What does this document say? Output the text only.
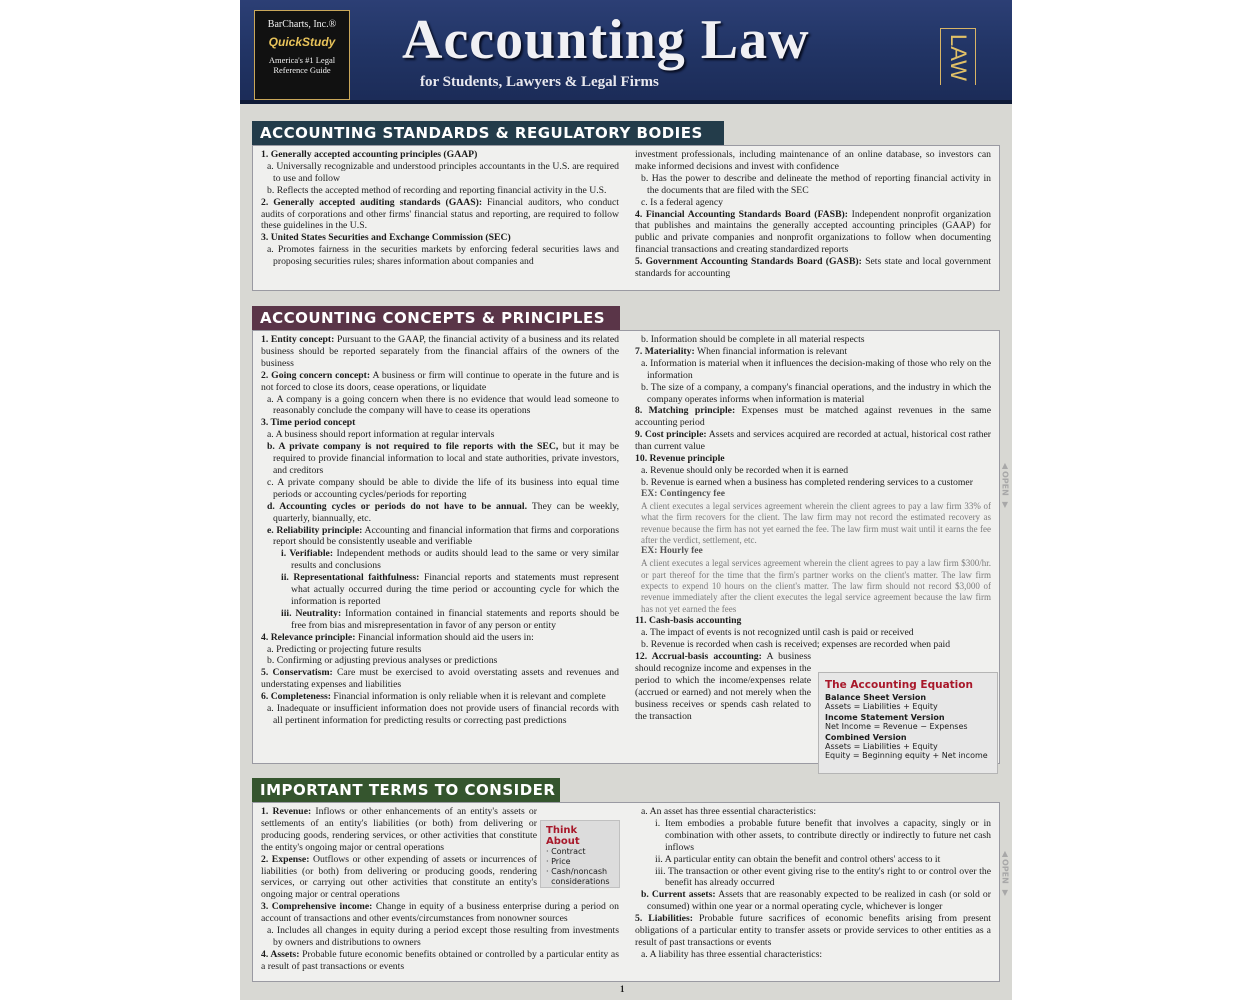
BarCharts, Inc.®
QuickStudy
America's #1 Legal Reference Guide	Accounting Law
for Students, Lawyers & Legal Firms
LAW
ACCOUNTING STANDARDS & REGULATORY BODIES

1. Generally accepted accounting principles (GAAP)

a. Universally recognizable and understood principles accountants in the U.S. are required to use and follow

b. Reflects the accepted method of recording and reporting financial activity in the U.S.

2. Generally accepted auditing standards (GAAS): Financial auditors, who conduct audits of corporations and other firms' financial status and reporting, are required to follow these guidelines in the U.S.

3. United States Securities and Exchange Commission (SEC)

a. Promotes fairness in the securities markets by enforcing federal securities laws and proposing securities rules; shares information about companies and

investment professionals, including maintenance of an online database, so investors can make informed decisions and invest with confidence

b. Has the power to describe and delineate the method of reporting financial activity in the documents that are filed with the SEC

c. Is a federal agency

4. Financial Accounting Standards Board (FASB): Independent nonprofit organization that publishes and maintains the generally accepted accounting principles (GAAP) for public and private companies and nonprofit organizations to follow when documenting financial transactions and creating standardized reports

5. Government Accounting Standards Board (GASB): Sets state and local government standards for accounting

ACCOUNTING CONCEPTS & PRINCIPLES

1. Entity concept: Pursuant to the GAAP, the financial activity of a business and its related business should be reported separately from the financial affairs of the owners of the business

2. Going concern concept: A business or firm will continue to operate in the future and is not forced to close its doors, cease operations, or liquidate

a. A company is a going concern when there is no evidence that would lead someone to reasonably conclude the company will have to cease its operations

3. Time period concept

a. A business should report information at regular intervals

b. A private company is not required to file reports with the SEC, but it may be required to provide financial information to local and state authorities, private investors, and creditors

c. A private company should be able to divide the life of its business into equal time periods or accounting cycles/periods for reporting

d. Accounting cycles or periods do not have to be annual. They can be weekly, quarterly, biannually, etc.

e. Reliability principle: Accounting and financial information that firms and corporations report should be consistently useable and verifiable

i. Verifiable: Independent methods or audits should lead to the same or very similar results and conclusions

ii. Representational faithfulness: Financial reports and statements must represent what actually occurred during the time period or accounting cycle for which the information is reported

iii. Neutrality: Information contained in financial statements and reports should be free from bias and misrepresentation in favor of any person or entity

4. Relevance principle: Financial information should aid the users in:

a. Predicting or projecting future results

b. Confirming or adjusting previous analyses or predictions

5. Conservatism: Care must be exercised to avoid overstating assets and revenues and understating expenses and liabilities

6. Completeness: Financial information is only reliable when it is relevant and complete

a. Inadequate or insufficient information does not provide users of financial records with all pertinent information for predicting results or correcting past predictions

b. Information should be complete in all material respects

7. Materiality: When financial information is relevant

a. Information is material when it influences the decision-making of those who rely on the information

b. The size of a company, a company's financial operations, and the industry in which the company operates informs when information is material

8. Matching principle: Expenses must be matched against revenues in the same accounting period

9. Cost principle: Assets and services acquired are recorded at actual, historical cost rather than current value

10. Revenue principle

a. Revenue should only be recorded when it is earned

b. Revenue is earned when a business has completed rendering services to a customer

EX: Contingency fee

A client executes a legal services agreement wherein the client agrees to pay a law firm 33% of what the firm recovers for the client. The law firm may not record the estimated recovery as revenue because the firm has not yet earned the fee. The law firm must wait until it earns the fee after the verdict, settlement, etc.

EX: Hourly fee

A client executes a legal services agreement wherein the client agrees to pay a law firm $300/hr. or part thereof for the time that the firm's partner works on the client's matter. The law firm expects to expend 10 hours on the client's matter. The law firm should not record $3,000 of revenue immediately after the client executes the legal service agreement because the law firm has not yet earned the fees

11. Cash-basis accounting

a. The impact of events is not recognized until cash is paid or received

b. Revenue is recorded when cash is received; expenses are recorded when paid

12. Accrual-basis accounting: A business should recognize income and expenses in the period to which the income/expenses relate (accrued or earned) and not merely when the business receives or spends cash related to the transaction

The Accounting Equation
Balance Sheet Version
Assets = Liabilities + Equity
Income Statement Version
Net Income = Revenue − Expenses
Combined Version
Assets = Liabilities + Equity
Equity = Beginning equity + Net income
IMPORTANT TERMS TO CONSIDER

1. Revenue: Inflows or other enhancements of an entity's assets or settlements of an entity's liabilities (or both) from delivering or producing goods, rendering services, or other activities that constitute the entity's ongoing major or central operations

2. Expense: Outflows or other expending of assets or incurrences of liabilities (or both) from delivering or producing goods, rendering services, or carrying out other activities that constitute an entity's ongoing major or central operations

3. Comprehensive income: Change in equity of a business enterprise during a period on account of transactions and other events/circumstances from nonowner sources

a. Includes all changes in equity during a period except those resulting from investments by owners and distributions to owners

4. Assets: Probable future economic benefits obtained or controlled by a particular entity as a result of past transactions or events

a. An asset has three essential characteristics:

i. Item embodies a probable future benefit that involves a capacity, singly or in combination with other assets, to contribute directly or indirectly to future net cash inflows

ii. A particular entity can obtain the benefit and control others' access to it

iii. The transaction or other event giving rise to the entity's right to or control over the benefit has already occurred

b. Current assets: Assets that are reasonably expected to be realized in cash (or sold or consumed) within one year or a normal operating cycle, whichever is longer

5. Liabilities: Probable future sacrifices of economic benefits arising from present obligations of a particular entity to transfer assets or provide services to other entities as a result of past transactions or events

a. A liability has three essential characteristics:

Think About
· Contract
· Price
· Cash/noncash
considerations
▲
OPEN
▼
▲
OPEN
▼
1
